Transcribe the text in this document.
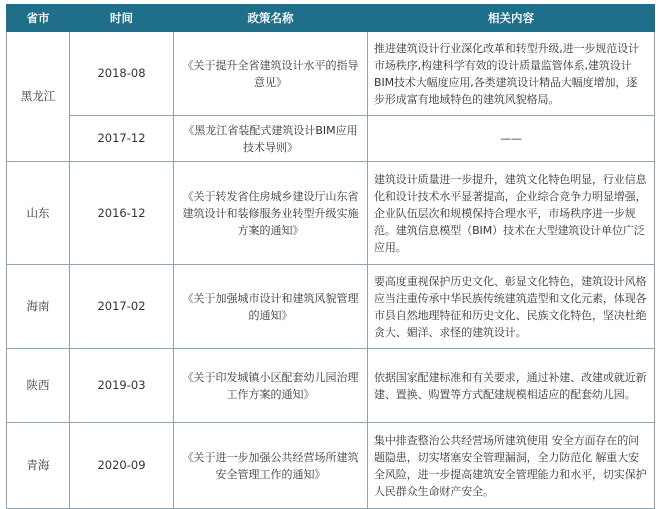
省市	时间	政策名称	相关内容
黑龙江	2018-08	《关于提升全省建筑设计水平的指导意见》	推进建筑设计行业深化改革和转型升级,进一步规范设计市场秩序,构建科学有效的设计质量监管体系,建筑设计BIM技术大幅度应用,各类建筑设计精品大幅度增加，逐步形成富有地域特色的建筑风貌格局。
	2017-12	《黑龙江省装配式建筑设计BIM应用技术导则》	——
山东	2016-12	《关于转发省住房城乡建设厅山东省建筑设计和装修服务业转型升级实施方案的通知》	建筑设计质量进一步提升，建筑文化特色明显，行业信息化和设计技术水平显著提高，企业综合竞争力明显增强，企业队伍层次和规模保持合理水平，市场秩序进一步规范。建筑信息模型（BIM）技术在大型建筑设计单位广泛应用。
海南	2017-02	《关于加强城市设计和建筑风貌管理的通知》	要高度重视保护历史文化、彰显文化特色，建筑设计风格应当注重传承中华民族传统建筑造型和文化元素，体现各市县自然地理特征和历史文化、民族文化特色，坚决杜绝贪大、媚洋、求怪的建筑设计。
陕西	2019-03	《关于印发城镇小区配套幼儿园治理工作方案的通知》	依据国家配建标准和有关要求，通过补建、改建或就近新建、置换、购置等方式配建规模相适应的配套幼儿园。
青海	2020-09	《关于进一步加强公共经营场所建筑安全管理工作的通知》	集中排查整治公共经营场所建筑使用 安全方面存在的问题隐患，切实堵塞安全管理漏洞，全力防范化 解重大安全风险，进一步提高建筑安全管理能力和水平，切实保护人民群众生命财产安全。
